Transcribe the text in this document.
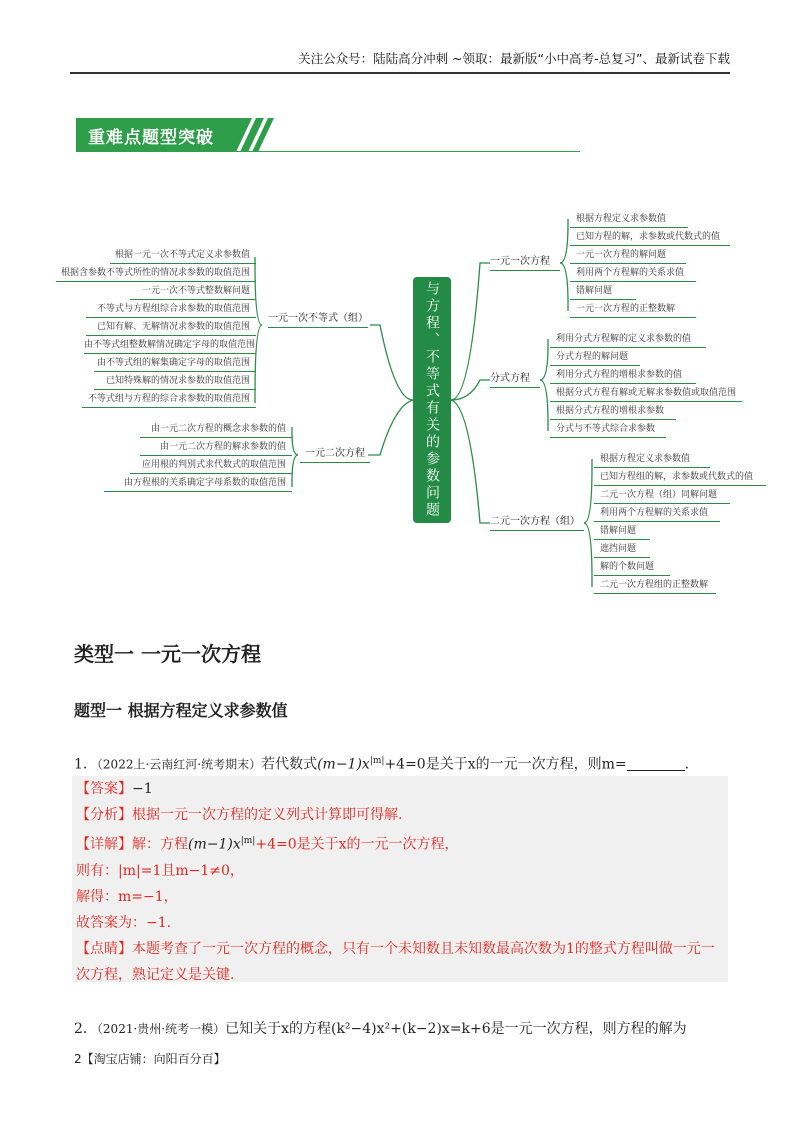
关注公众号：陆陆高分冲刺 ~领取：最新版“小中高考-总复习”、最新试卷下载
重难点题型突破
与方程、不等式有关的参数问题
一元一次不等式（组）
根据一元一次不等式定义求参数值
根据含参数不等式所性的情况求参数的取值范围
一元一次不等式整数解问题
不等式与方程组综合求参数的取值范围
已知有解、无解情况求参数的取值范围
由不等式组整数解情况确定字母的取值范围
由不等式组的解集确定字母的取值范围
已知特殊解的情况求参数的取值范围
不等式组与方程的综合求参数的取值范围
一元二次方程
由一元二次方程的概念求参数的值
由一元二次方程的解求参数的值
应用根的判别式求代数式的取值范围
由方程根的关系确定字母系数的取值范围
一元一次方程
根据方程定义求参数值
已知方程的解，求参数或代数式的值
一元一次方程的解问题
利用两个方程解的关系求值
错解问题
一元一次方程的正整数解
分式方程
利用分式方程解的定义求参数的值
分式方程的解问题
利用分式方程的增根求参数的值
根据分式方程有解或无解求参数值或取值范围
根据分式方程的增根求参数
分式与不等式综合求参数
二元一次方程（组）
根据方程定义求参数值
已知方程组的解，求参数或代数式的值
二元一次方程（组）同解问题
利用两个方程解的关系求值
错解问题
遮挡问题
解的个数问题
二元一次方程组的正整数解
类型一 一元一次方程
题型一 根据方程定义求参数值
1．（2022上·云南红河·统考期末）若代数式$(m-1)x^{|m|}+4=0$是关于x的一元一次方程，则m=	.
【答案】−1
【分析】根据一元一次方程的定义列式计算即可得解.
【详解】解：方程$(m-1)x^{|m|}+4=0$是关于x的一元一次方程，
则有：|m|=1且m−1≠0，
解得：m=−1，
故答案为：−1.
【点睛】本题考查了一元一次方程的概念，只有一个未知数且未知数最高次数为1的整式方程叫做一元一
次方程，熟记定义是关键.
2．（2021·贵州·统考一模）已知关于x的方程(k²−4)x²+(k−2)x=k+6是一元一次方程，则方程的解为
2【淘宝店铺：向阳百分百】
